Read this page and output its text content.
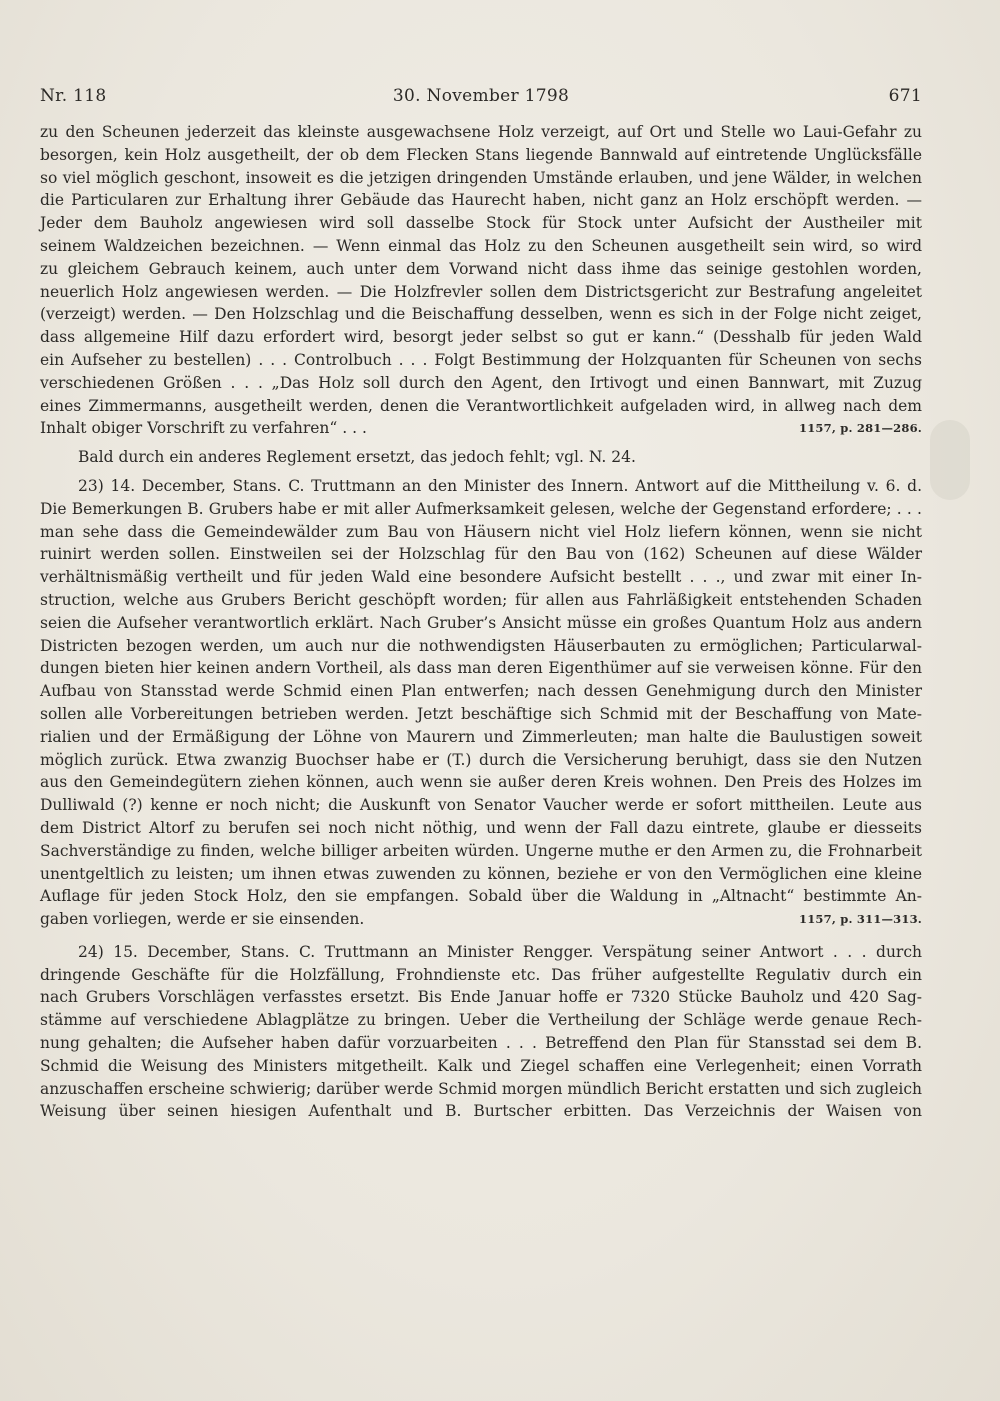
Nr. 118	30. November 1798	671
zu den Scheunen jederzeit das kleinste ausgewachsene Holz verzeigt, auf Ort und Stelle wo Laui-Gefahr zu
besorgen, kein Holz ausgetheilt, der ob dem Flecken Stans liegende Bannwald auf eintretende Unglücksfälle
so viel möglich geschont, insoweit es die jetzigen dringenden Umstände erlauben, und jene Wälder, in welchen
die Particularen zur Erhaltung ihrer Gebäude das Haurecht haben, nicht ganz an Holz erschöpft werden. —
Jeder dem Bauholz angewiesen wird soll dasselbe Stock für Stock unter Aufsicht der Austheiler mit
seinem Waldzeichen bezeichnen. — Wenn einmal das Holz zu den Scheunen ausgetheilt sein wird, so wird
zu gleichem Gebrauch keinem, auch unter dem Vorwand nicht dass ihme das seinige gestohlen worden,
neuerlich Holz angewiesen werden. — Die Holzfrevler sollen dem Districtsgericht zur Bestrafung angeleitet
(verzeigt) werden. — Den Holzschlag und die Beischaffung desselben, wenn es sich in der Folge nicht zeiget,
dass allgemeine Hilf dazu erfordert wird, besorgt jeder selbst so gut er kann.“ (Desshalb für jeden Wald
ein Aufseher zu bestellen) . . . Controlbuch . . . Folgt Bestimmung der Holzquanten für Scheunen von sechs
verschiedenen Größen . . . „Das Holz soll durch den Agent, den Irtivogt und einen Bannwart, mit Zuzug
eines Zimmermanns, ausgetheilt werden, denen die Verantwortlichkeit aufgeladen wird, in allweg nach dem
Inhalt obiger Vorschrift zu verfahren“ . . .	1157, p. 281—286.
Bald durch ein anderes Reglement ersetzt, das jedoch fehlt; vgl. N. 24.
23) 14. December, Stans. C. Truttmann an den Minister des Innern. Antwort auf die Mittheilung v. 6. d.
Die Bemerkungen B. Grubers habe er mit aller Aufmerksamkeit gelesen, welche der Gegenstand erfordere; . . .
man sehe dass die Gemeindewälder zum Bau von Häusern nicht viel Holz liefern können, wenn sie nicht
ruinirt werden sollen. Einstweilen sei der Holzschlag für den Bau von (162) Scheunen auf diese Wälder
verhältnismäßig vertheilt und für jeden Wald eine besondere Aufsicht bestellt . . ., und zwar mit einer In-
struction, welche aus Grubers Bericht geschöpft worden; für allen aus Fahrläßigkeit entstehenden Schaden
seien die Aufseher verantwortlich erklärt. Nach Gruber’s Ansicht müsse ein großes Quantum Holz aus andern
Districten bezogen werden, um auch nur die nothwendigsten Häuserbauten zu ermöglichen; Particularwal-
dungen bieten hier keinen andern Vortheil, als dass man deren Eigenthümer auf sie verweisen könne. Für den
Aufbau von Stansstad werde Schmid einen Plan entwerfen; nach dessen Genehmigung durch den Minister
sollen alle Vorbereitungen betrieben werden. Jetzt beschäftige sich Schmid mit der Beschaffung von Mate-
rialien und der Ermäßigung der Löhne von Maurern und Zimmerleuten; man halte die Baulustigen soweit
möglich zurück. Etwa zwanzig Buochser habe er (T.) durch die Versicherung beruhigt, dass sie den Nutzen
aus den Gemeindegütern ziehen können, auch wenn sie außer deren Kreis wohnen. Den Preis des Holzes im
Dulliwald (?) kenne er noch nicht; die Auskunft von Senator Vaucher werde er sofort mittheilen. Leute aus
dem District Altorf zu berufen sei noch nicht nöthig, und wenn der Fall dazu eintrete, glaube er diesseits
Sachverständige zu finden, welche billiger arbeiten würden. Ungerne muthe er den Armen zu, die Frohnarbeit
unentgeltlich zu leisten; um ihnen etwas zuwenden zu können, beziehe er von den Vermöglichen eine kleine
Auflage für jeden Stock Holz, den sie empfangen. Sobald über die Waldung in „Altnacht“ bestimmte An-
gaben vorliegen, werde er sie einsenden.	1157, p. 311—313.
24) 15. December, Stans. C. Truttmann an Minister Rengger. Verspätung seiner Antwort . . . durch
dringende Geschäfte für die Holzfällung, Frohndienste etc. Das früher aufgestellte Regulativ durch ein
nach Grubers Vorschlägen verfasstes ersetzt. Bis Ende Januar hoffe er 7320 Stücke Bauholz und 420 Sag-
stämme auf verschiedene Ablagplätze zu bringen. Ueber die Vertheilung der Schläge werde genaue Rech-
nung gehalten; die Aufseher haben dafür vorzuarbeiten . . . Betreffend den Plan für Stansstad sei dem B.
Schmid die Weisung des Ministers mitgetheilt. Kalk und Ziegel schaffen eine Verlegenheit; einen Vorrath
anzuschaffen erscheine schwierig; darüber werde Schmid morgen mündlich Bericht erstatten und sich zugleich
Weisung über seinen hiesigen Aufenthalt und B. Burtscher erbitten. Das Verzeichnis der Waisen von
